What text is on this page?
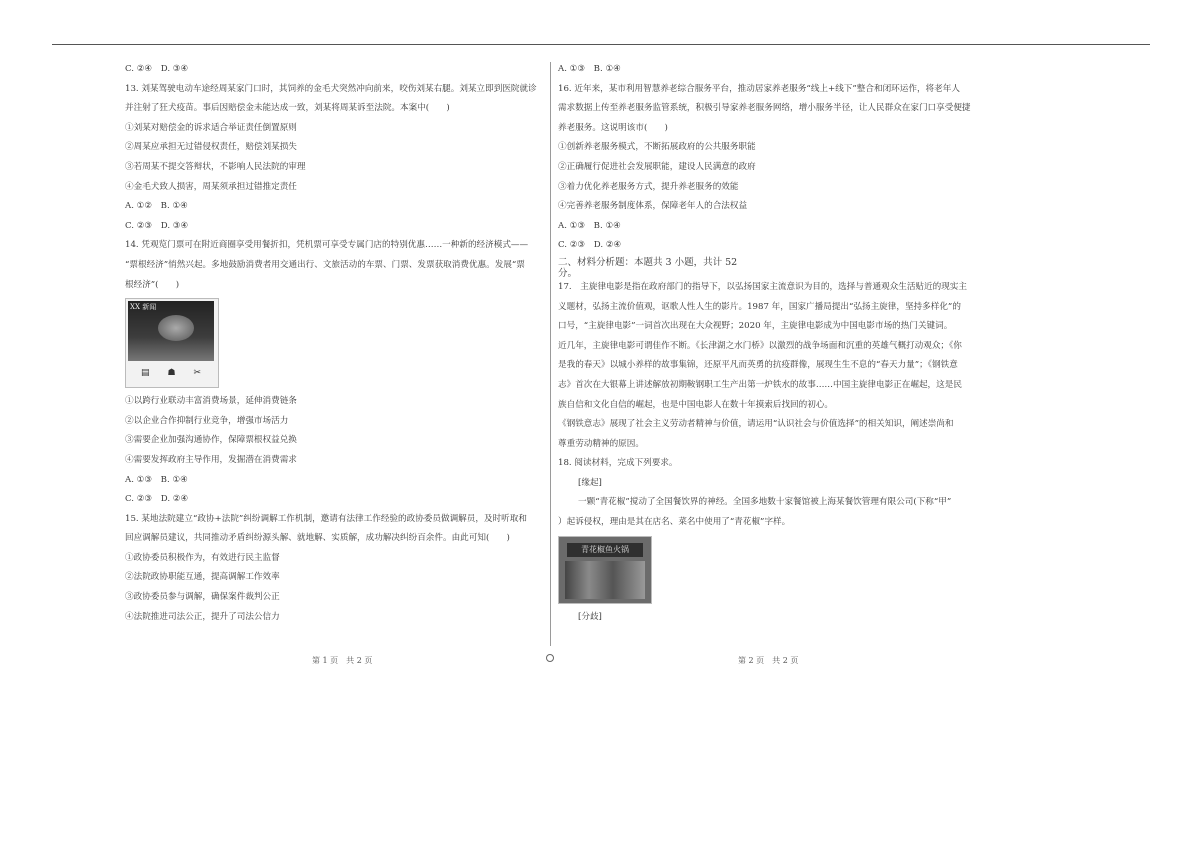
C. ②④　D. ③④

13. 刘某驾驶电动车途经周某家门口时，其饲养的金毛犬突然冲向前来，咬伤刘某右腿。刘某立即到医院就诊

并注射了狂犬疫苗。事后因赔偿金未能达成一致，刘某将周某诉至法院。本案中(　　)

①刘某对赔偿金的诉求适合举证责任倒置原则

②周某应承担无过错侵权责任，赔偿刘某损失

③若周某不提交答辩状，不影响人民法院的审理

④金毛犬致人损害，周某须承担过错推定责任

A. ①②　B. ①④

C. ②③　D. ③④

14. 凭观览门票可在附近商圈享受用餐折扣，凭机票可享受专属门店的特别优惠……一种新的经济模式——

“票根经济”悄然兴起。多地鼓励消费者用交通出行、文旅活动的车票、门票、发票获取消费优惠。发展“票

根经济”(　　)

XX 新闻
▤ ☗ ✂

①以跨行业联动丰富消费场景，延伸消费链条

②以企业合作抑制行业竞争，增强市场活力

③需要企业加强沟通协作，保障票根权益兑换

④需要发挥政府主导作用，发掘潜在消费需求

A. ①③　B. ①④

C. ②③　D. ②④

15. 某地法院建立“政协+法院”纠纷调解工作机制，邀请有法律工作经验的政协委员做调解员，及时听取和

回应调解员建议，共同推动矛盾纠纷源头解、就地解、实质解，成功解决纠纷百余件。由此可知(　　)

①政协委员积极作为，有效进行民主监督

②法院政协职能互通，提高调解工作效率

③政协委员参与调解，确保案件裁判公正

④法院推进司法公正，提升了司法公信力

A. ①③　B. ①④

16. 近年来，某市利用智慧养老综合服务平台，推动居家养老服务“线上+线下”整合和闭环运作，将老年人

需求数据上传至养老服务监管系统，积极引导家养老服务网络，增小服务半径，让人民群众在家门口享受便捷

养老服务。这说明该市(　　)

①创新养老服务模式，不断拓展政府的公共服务职能

②正确履行促进社会发展职能，建设人民满意的政府

③着力优化养老服务方式，提升养老服务的效能

④完善养老服务制度体系，保障老年人的合法权益

A. ①③　B. ①④

C. ②③　D. ②④

二、材料分析题：本题共 3 小题，共计 52

分。

17.　主旋律电影是指在政府部门的指导下，以弘扬国家主流意识为目的，选择与普通观众生活贴近的现实主

义题材，弘扬主流价值观，讴歌人性人生的影片。1987 年，国家广播局提出“弘扬主旋律，坚持多样化”的

口号，“主旋律电影”一词首次出现在大众视野；2020 年，主旋律电影成为中国电影市场的热门关键词。

近几年，主旋律电影可谓佳作不断。《长津湖之水门桥》以激烈的战争场面和沉重的英雄气概打动观众；《你

是我的春天》以城小养样的故事集锦，还原平凡而英勇的抗疫群像，展现生生不息的“春天力量”；《钢铁意

志》首次在大银幕上讲述解放初期鞍钢职工生产出第一炉铁水的故事……中国主旋律电影正在崛起，这是民

族自信和文化自信的崛起，也是中国电影人在数十年摸索后找回的初心。

《钢铁意志》展现了社会主义劳动者精神与价值，请运用“认识社会与价值选择”的相关知识，阐述崇尚和

尊重劳动精神的原因。

18. 阅读材料，完成下列要求。

[缘起]

一颗“青花椒”搅动了全国餐饮界的神经。全国多地数十家餐馆被上海某餐饮管理有限公司(下称“甲”

）起诉侵权，理由是其在店名、菜名中使用了“青花椒”字样。

青花椒鱼火锅

[分歧]

第 1 页　共 2 页	第 2 页　共 2 页
